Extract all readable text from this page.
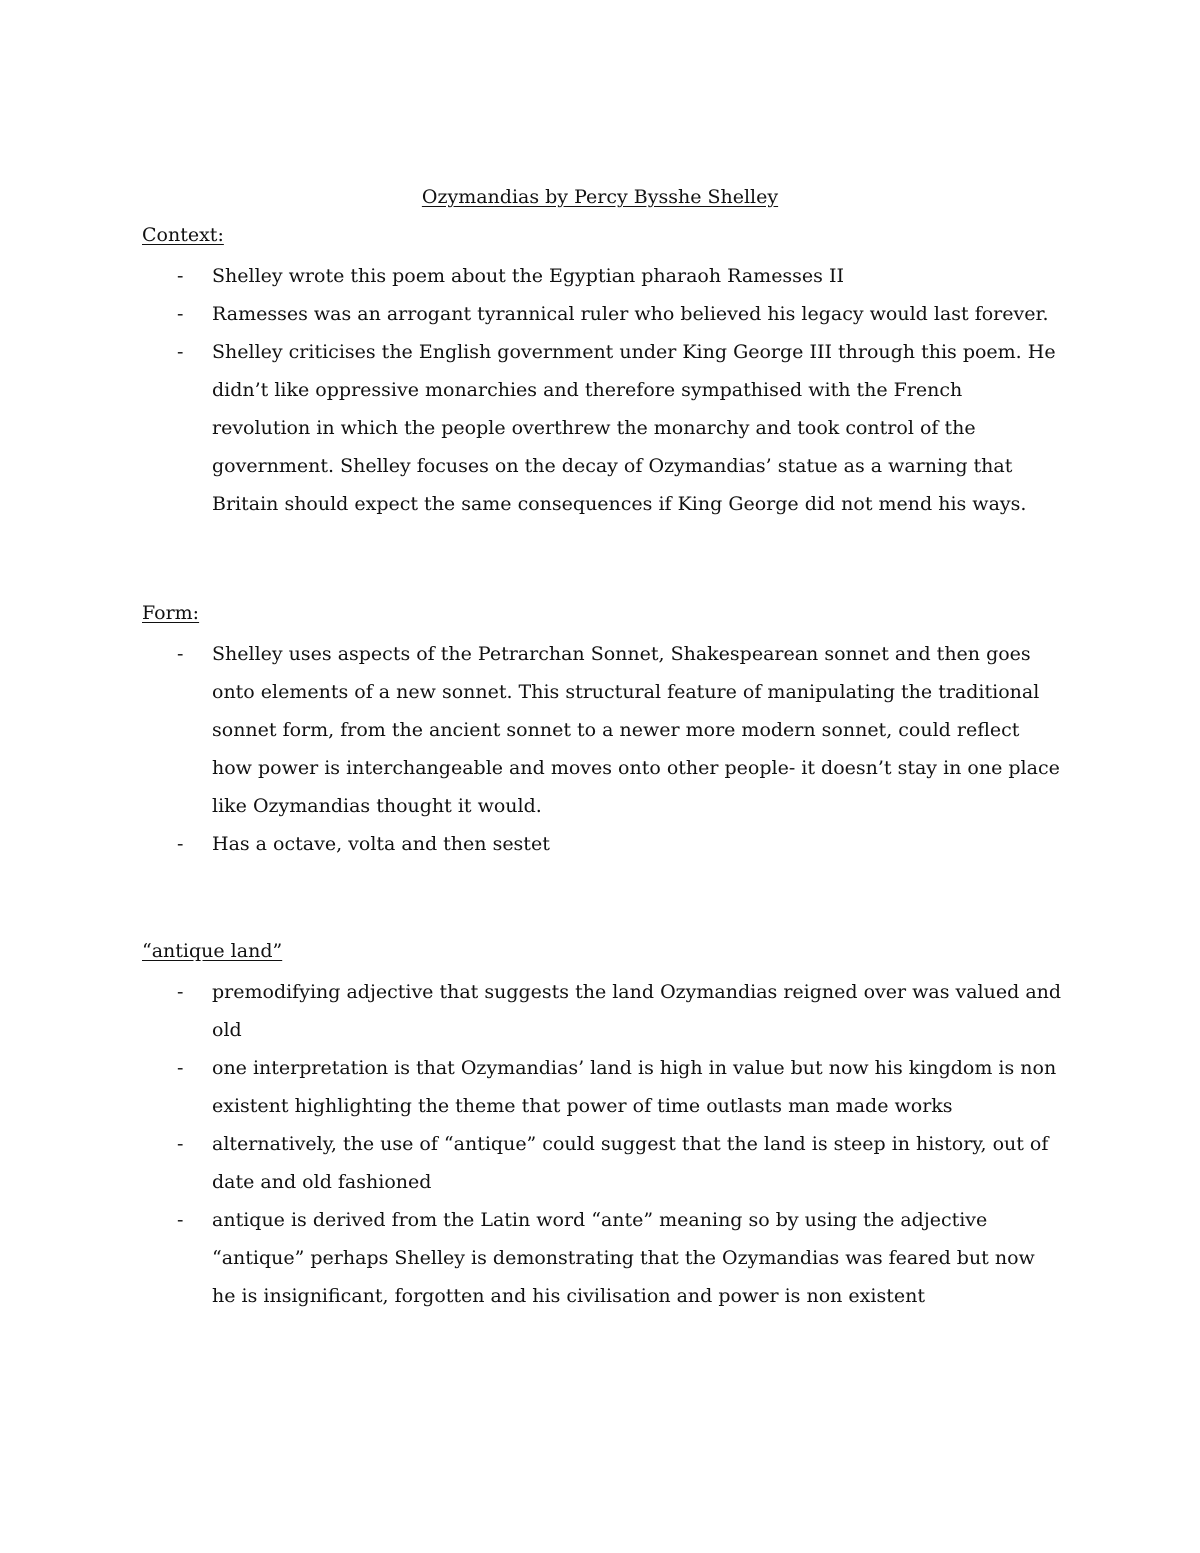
Ozymandias by Percy Bysshe Shelley
Context:
- Shelley wrote this poem about the Egyptian pharaoh Ramesses II
- Ramesses was an arrogant tyrannical ruler who believed his legacy would last forever.
- Shelley criticises the English government under King George III through this poem. He didn’t like oppressive monarchies and therefore sympathised with the French revolution in which the people overthrew the monarchy and took control of the government. Shelley focuses on the decay of Ozymandias’ statue as a warning that Britain should expect the same consequences if King George did not mend his ways.
Form:
- Shelley uses aspects of the Petrarchan Sonnet, Shakespearean sonnet and then goes onto elements of a new sonnet. This structural feature of manipulating the traditional sonnet form, from the ancient sonnet to a newer more modern sonnet, could reflect how power is interchangeable and moves onto other people- it doesn’t stay in one place like Ozymandias thought it would.
- Has a octave, volta and then sestet
“antique land”
- premodifying adjective that suggests the land Ozymandias reigned over was valued and old
- one interpretation is that Ozymandias’ land is high in value but now his kingdom is non existent highlighting the theme that power of time outlasts man made works
- alternatively, the use of “antique” could suggest that the land is steep in history, out of date and old fashioned
- antique is derived from the Latin word “ante” meaning so by using the adjective “antique” perhaps Shelley is demonstrating that the Ozymandias was feared but now he is insignificant, forgotten and his civilisation and power is non existent
